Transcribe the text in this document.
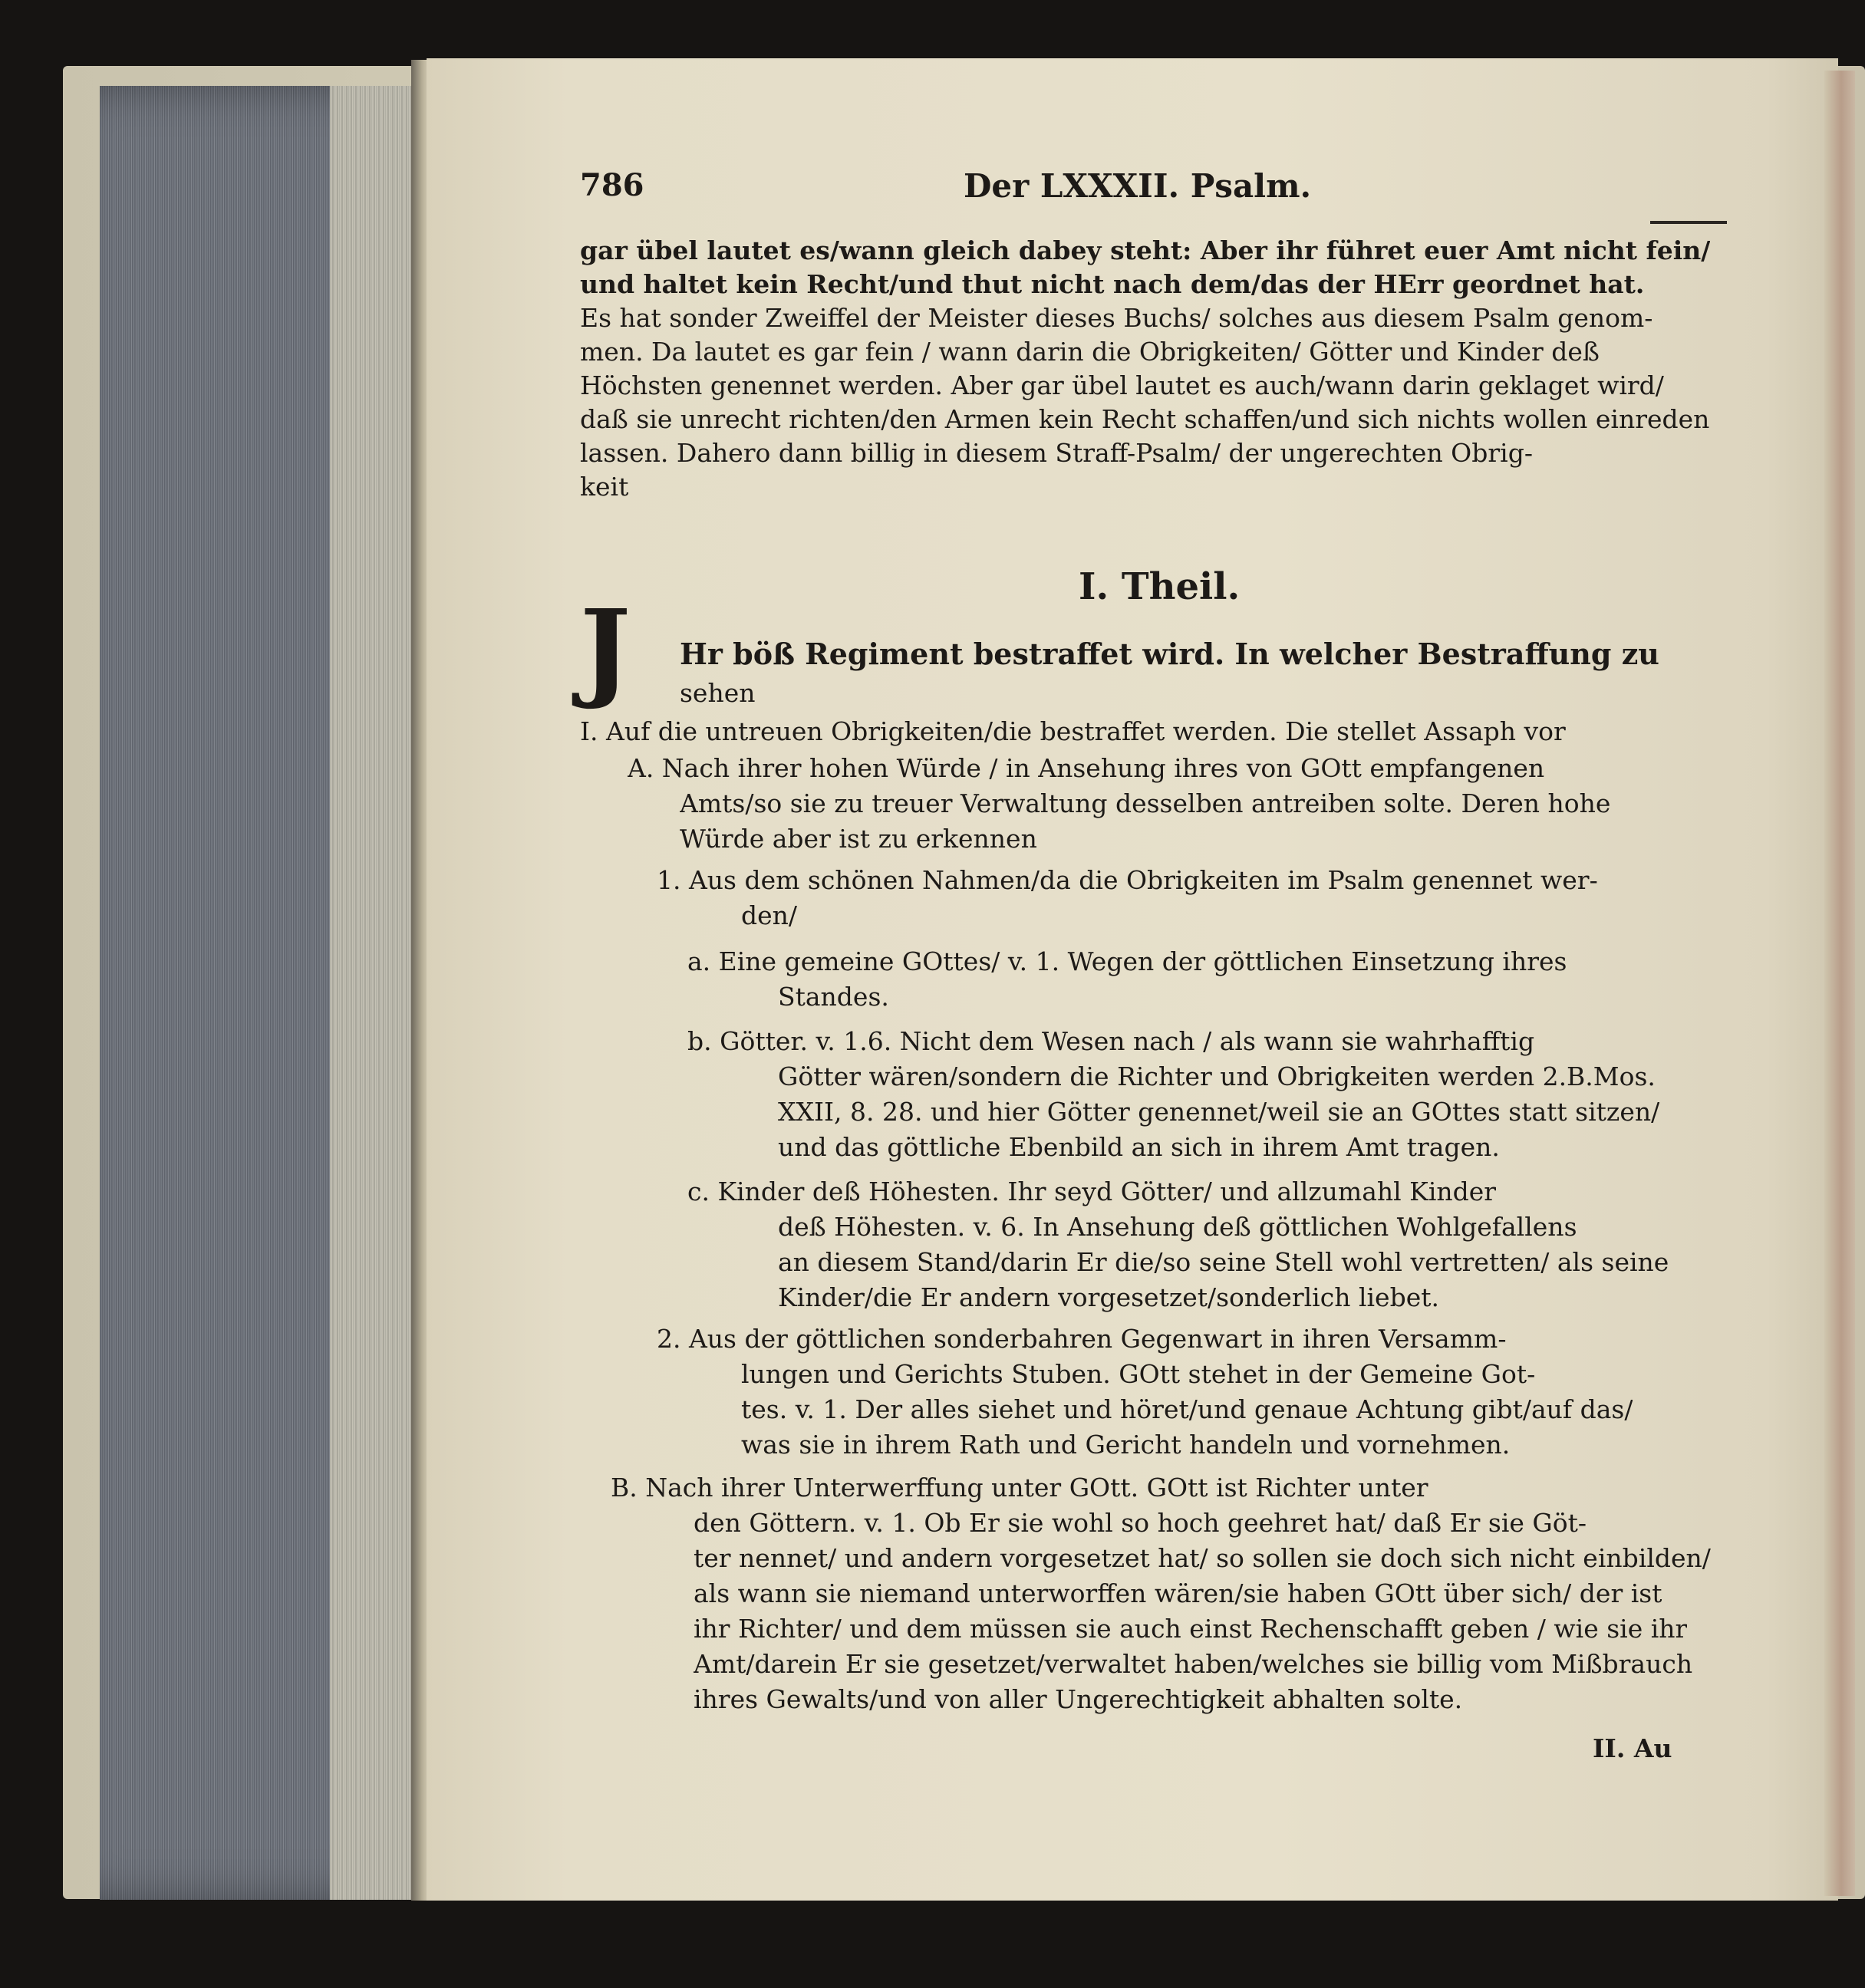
786	Der LXXXII. Psalm.
gar übel lautet es/wann gleich dabey steht: Aber ihr führet euer Amt nicht fein/
und haltet kein Recht/und thut nicht nach dem/das der HErr geordnet hat.
Es hat sonder Zweiffel der Meister dieses Buchs/ solches aus diesem Psalm genom-
men. Da lautet es gar fein / wann darin die Obrigkeiten/ Götter und Kinder deß
Höchsten genennet werden. Aber gar übel lautet es auch/wann darin geklaget wird/
daß sie unrecht richten/den Armen kein Recht schaffen/und sich nichts wollen einreden
lassen. Dahero dann billig in diesem Straff-Psalm/ der ungerechten Obrig-
keit
I. Theil.
J	Hr böß Regiment bestraffet wird. In welcher Bestraffung zu
sehen
I. Auf die untreuen Obrigkeiten/die bestraffet werden. Die stellet Assaph vor
A. Nach ihrer hohen Würde / in Ansehung ihres von GOtt empfangenen
Amts/so sie zu treuer Verwaltung desselben antreiben solte. Deren hohe
Würde aber ist zu erkennen
1. Aus dem schönen Nahmen/da die Obrigkeiten im Psalm genennet wer-
den/
a. Eine gemeine GOttes/ v. 1. Wegen der göttlichen Einsetzung ihres
Standes.
b. Götter. v. 1.6. Nicht dem Wesen nach / als wann sie wahrhafftig
Götter wären/sondern die Richter und Obrigkeiten werden 2.B.Mos.
XXII, 8. 28. und hier Götter genennet/weil sie an GOttes statt sitzen/
und das göttliche Ebenbild an sich in ihrem Amt tragen.
c. Kinder deß Höhesten. Ihr seyd Götter/ und allzumahl Kinder
deß Höhesten. v. 6. In Ansehung deß göttlichen Wohlgefallens
an diesem Stand/darin Er die/so seine Stell wohl vertretten/ als seine
Kinder/die Er andern vorgesetzet/sonderlich liebet.
2. Aus der göttlichen sonderbahren Gegenwart in ihren Versamm-
lungen und Gerichts Stuben. GOtt stehet in der Gemeine Got-
tes. v. 1. Der alles siehet und höret/und genaue Achtung gibt/auf das/
was sie in ihrem Rath und Gericht handeln und vornehmen.
B. Nach ihrer Unterwerffung unter GOtt. GOtt ist Richter unter
den Göttern. v. 1. Ob Er sie wohl so hoch geehret hat/ daß Er sie Göt-
ter nennet/ und andern vorgesetzet hat/ so sollen sie doch sich nicht einbilden/
als wann sie niemand unterworffen wären/sie haben GOtt über sich/ der ist
ihr Richter/ und dem müssen sie auch einst Rechenschafft geben / wie sie ihr
Amt/darein Er sie gesetzet/verwaltet haben/welches sie billig vom Mißbrauch
ihres Gewalts/und von aller Ungerechtigkeit abhalten solte.
II. Au
